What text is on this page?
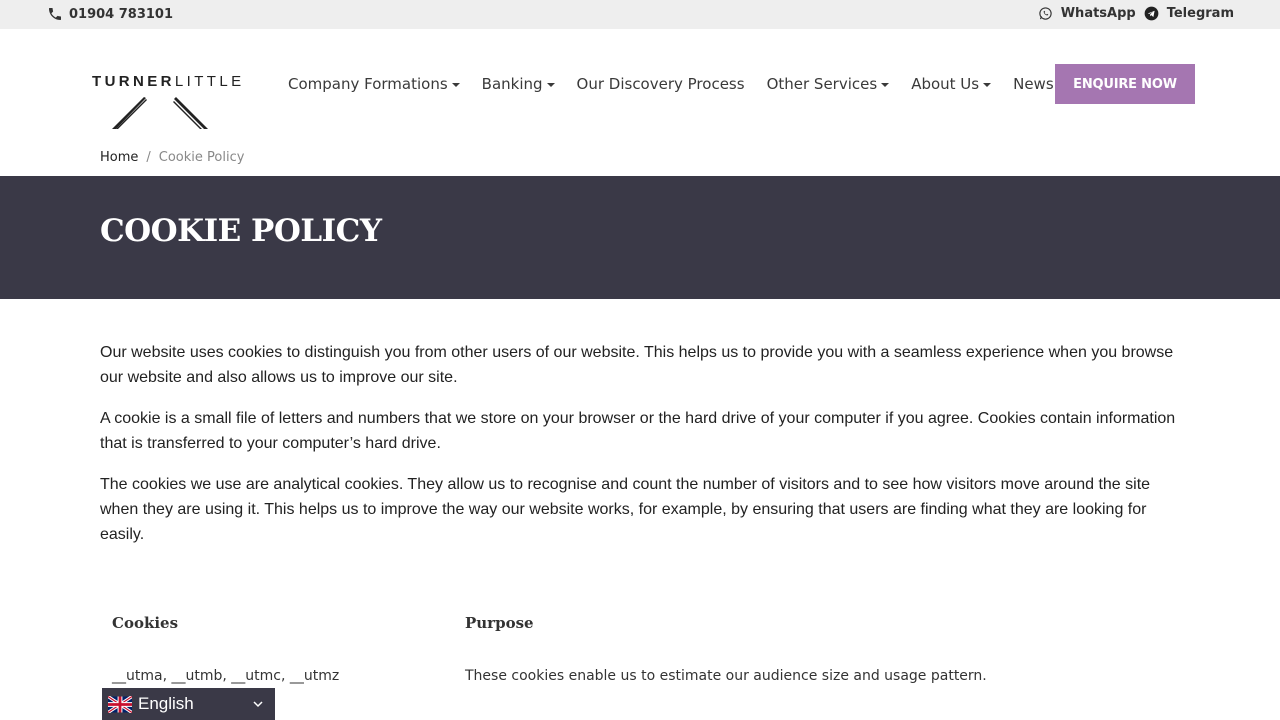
01904 783101	WhatsApp Telegram
TURNERLITTLE	Company Formations Banking Our Discovery Process Other Services About Us News	ENQUIRE NOW
Home / Cookie Policy
COOKIE POLICY

Our website uses cookies to distinguish you from other users of our website. This helps us to provide you with a seamless experience when you browse our website and also allows us to improve our site.

A cookie is a small file of letters and numbers that we store on your browser or the hard drive of your computer if you agree. Cookies contain information that is transferred to your computer’s hard drive.

The cookies we use are analytical cookies. They allow us to recognise and count the number of visitors and to see how visitors move around the site when they are using it. This helps us to improve the way our website works, for example, by ensuring that users are finding what they are looking for easily.

Cookies	Purpose
__utma, __utmb, __utmc, __utmz	These cookies enable us to estimate our audience size and usage pattern.
English
